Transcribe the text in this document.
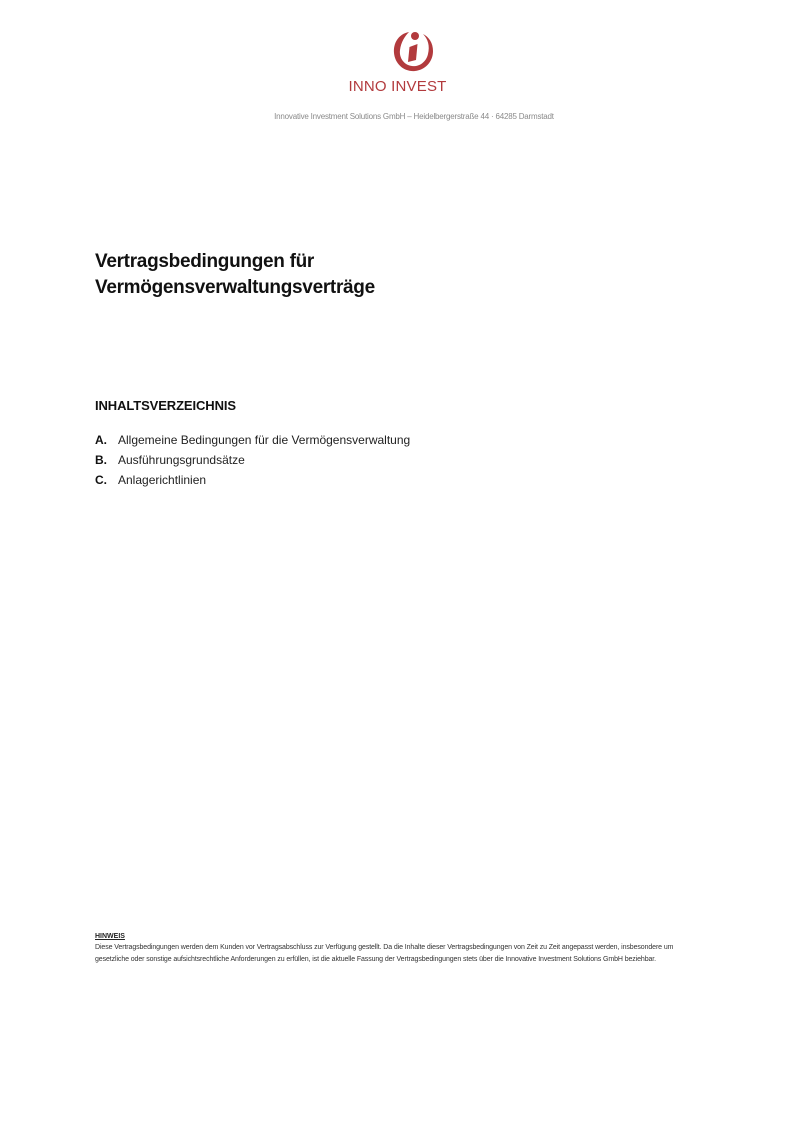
INNO INVEST
Innovative Investment Solutions GmbH – Heidelbergerstraße 44 · 64285 Darmstadt
Vertragsbedingungen für
Vermögensverwaltungsverträge
INHALTSVERZEICHNIS
A. Allgemeine Bedingungen für die Vermögensverwaltung
B. Ausführungsgrundsätze
C. Anlagerichtlinien
HINWEIS

Diese Vertragsbedingungen werden dem Kunden vor Vertragsabschluss zur Verfügung gestellt. Da die Inhalte dieser Vertragsbedingungen von Zeit zu Zeit angepasst werden, insbesondere um gesetzliche oder sonstige aufsichtsrechtliche Anforderungen zu erfüllen, ist die aktuelle Fassung der Vertragsbedingungen stets über die Innovative Investment Solutions GmbH beziehbar.
